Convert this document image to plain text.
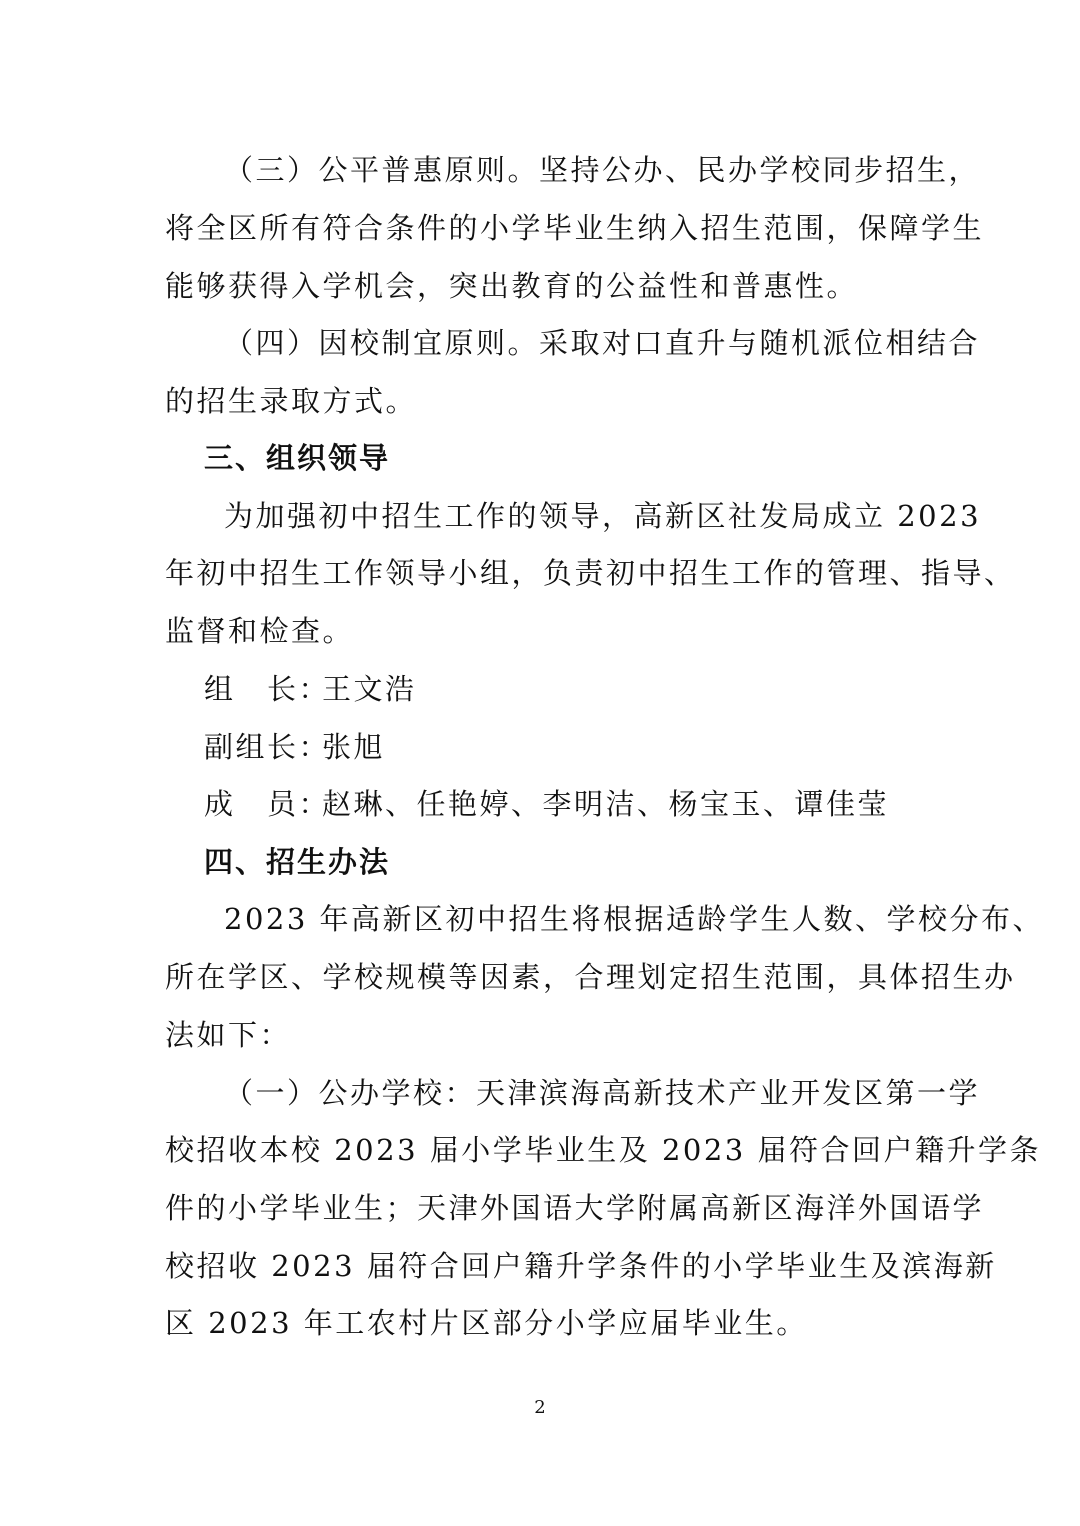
（三）公平普惠原则。坚持公办、民办学校同步招生，
将全区所有符合条件的小学毕业生纳入招生范围，保障学生
能够获得入学机会，突出教育的公益性和普惠性。
（四）因校制宜原则。采取对口直升与随机派位相结合
的招生录取方式。
三、组织领导
为加强初中招生工作的领导，高新区社发局成立 2023
年初中招生工作领导小组，负责初中招生工作的管理、指导、
监督和检查。
组　长：王文浩
副组长：张旭
成　员：赵琳、任艳婷、李明洁、杨宝玉、谭佳莹
四、招生办法
2023 年高新区初中招生将根据适龄学生人数、学校分布、
所在学区、学校规模等因素，合理划定招生范围，具体招生办
法如下：
（一）公办学校：天津滨海高新技术产业开发区第一学
校招收本校 2023 届小学毕业生及 2023 届符合回户籍升学条
件的小学毕业生；天津外国语大学附属高新区海洋外国语学
校招收 2023 届符合回户籍升学条件的小学毕业生及滨海新
区 2023 年工农村片区部分小学应届毕业生。
2
